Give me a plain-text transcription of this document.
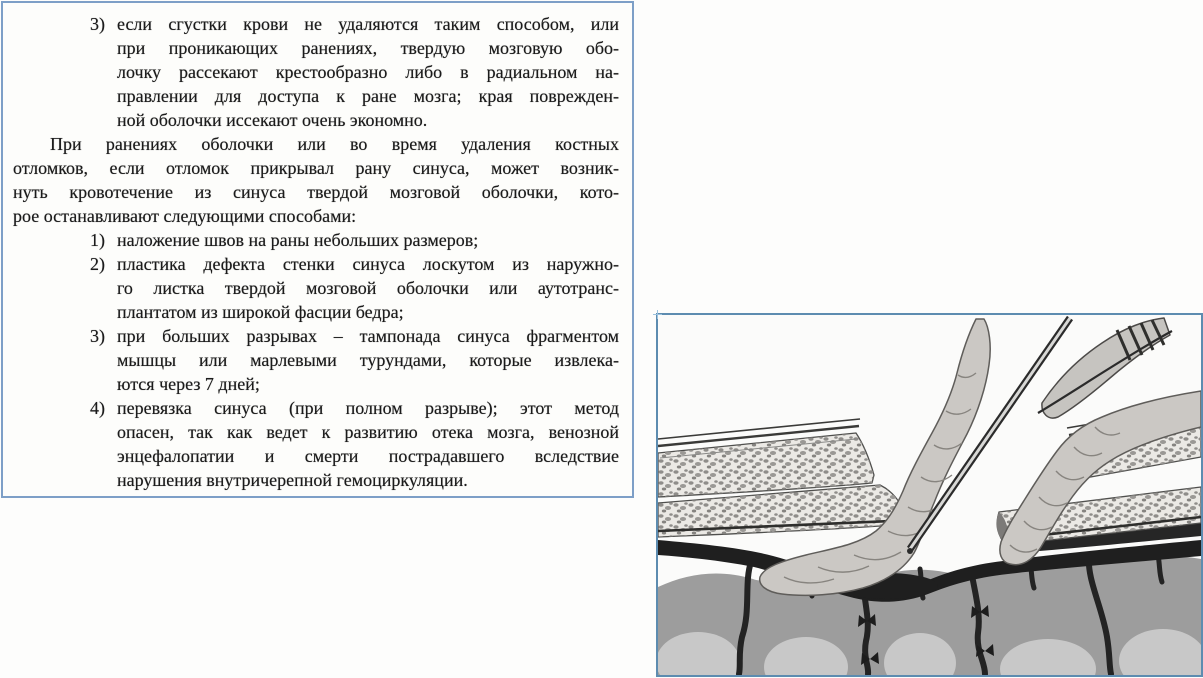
3) если сгустки крови не удаляются таким способом, или
при проникающих ранениях, твердую мозговую обо-
лочку рассекают крестообразно либо в радиальном на-
правлении для доступа к ране мозга; края поврежден-
ной оболочки иссекают очень экономно.
При ранениях оболочки или во время удаления костных
отломков, если отломок прикрывал рану синуса, может возник-
нуть кровотечение из синуса твердой мозговой оболочки, кото-
рое останавливают следующими способами:
1) наложение швов на раны небольших размеров;
2) пластика дефекта стенки синуса лоскутом из наружно-
го листка твердой мозговой оболочки или аутотранс-
плантатом из широкой фасции бедра;
3) при больших разрывах – тампонада синуса фрагментом
мышцы или марлевыми турундами, которые извлека-
ются через 7 дней;
4) перевязка синуса (при полном разрыве); этот метод
опасен, так как ведет к развитию отека мозга, венозной
энцефалопатии и смерти пострадавшего вследствие
нарушения внутричерепной гемоциркуляции.
